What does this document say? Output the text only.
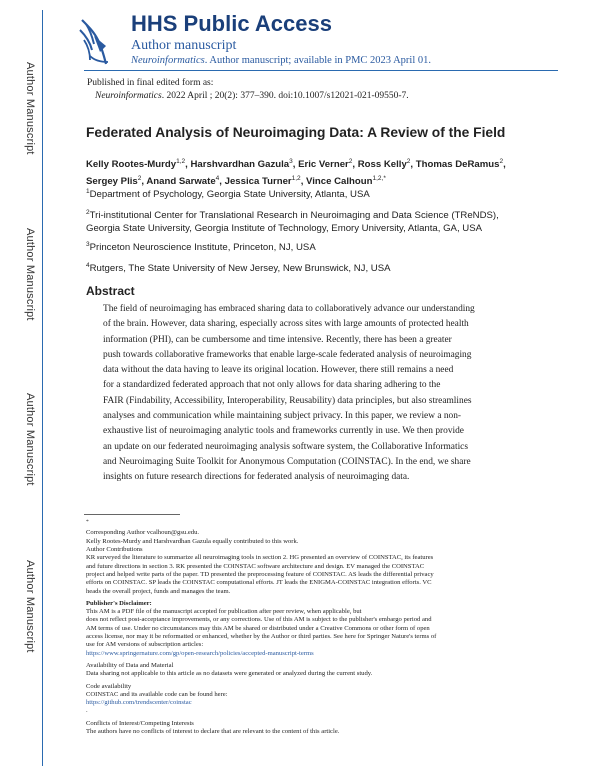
Author Manuscript
Author Manuscript
Author Manuscript
Author Manuscript
HHS Public Access
Author manuscript
Neuroinformatics. Author manuscript; available in PMC 2023 April 01.
Published in final edited form as:
Neuroinformatics. 2022 April ; 20(2): 377–390. doi:10.1007/s12021-021-09550-7.
Federated Analysis of Neuroimaging Data: A Review of the Field
Kelly Rootes-Murdy$^{1,2}$, Harshvardhan Gazula$^3$, Eric Verner$^2$, Ross Kelly$^2$, Thomas DeRamus$^2$, Sergey Plis$^2$, Anand Sarwate$^4$, Jessica Turner$^{1,2}$, Vince Calhoun$^{1,2,*}$
$^1$Department of Psychology, Georgia State University, Atlanta, USA
$^2$Tri-institutional Center for Translational Research in Neuroimaging and Data Science (TReNDS), Georgia State University, Georgia Institute of Technology, Emory University, Atlanta, GA, USA
$^3$Princeton Neuroscience Institute, Princeton, NJ, USA
$^4$Rutgers, The State University of New Jersey, New Brunswick, NJ, USA
Abstract
The field of neuroimaging has embraced sharing data to collaboratively advance our understanding
of the brain. However, data sharing, especially across sites with large amounts of protected health
information (PHI), can be cumbersome and time intensive. Recently, there has been a greater
push towards collaborative frameworks that enable large-scale federated analysis of neuroimaging
data without the data having to leave its original location. However, there still remains a need
for a standardized federated approach that not only allows for data sharing adhering to the
FAIR (Findability, Accessibility, Interoperability, Reusability) data principles, but also streamlines
analyses and communication while maintaining subject privacy. In this paper, we review a non-
exhaustive list of neuroimaging analytic tools and frameworks currently in use. We then provide
an update on our federated neuroimaging analysis software system, the Collaborative Informatics
and Neuroimaging Suite Toolkit for Anonymous Computation (COINSTAC). In the end, we share
insights on future research directions for federated analysis of neuroimaging data.
*
Corresponding Author vcalhoun@gsu.edu.
Kelly Rootes-Murdy and Harshvardhan Gazula equally contributed to this work.
Author Contributions
KR surveyed the literature to summarize all neuroimaging tools in section 2. HG presented an overview of COINSTAC, its features
and future directions in section 3. RK presented the COINSTAC software architecture and design. EV managed the COINSTAC
project and helped write parts of the paper. TD presented the preprocessing feature of COINSTAC. AS leads the differential privacy
efforts on COINSTAC. SP leads the COINSTAC computational efforts. JT leads the ENIGMA-COINSTAC integration efforts. VC
heads the overall project, funds and manages the team.
Publisher's Disclaimer:
This AM is a PDF file of the manuscript accepted for publication after peer review, when applicable, but
does not reflect post-acceptance improvements, or any corrections. Use of this AM is subject to the publisher's embargo period and
AM terms of use. Under no circumstances may this AM be shared or distributed under a Creative Commons or other form of open
access license, nor may it be reformatted or enhanced, whether by the Author or third parties. See here for Springer Nature's terms of
use for AM versions of subscription articles:
https://www.springernature.com/gp/open-research/policies/accepted-manuscript-terms
Availability of Data and Material
Data sharing not applicable to this article as no datasets were generated or analyzed during the current study.
Code availability
COINSTAC and its available code can be found here:
https://github.com/trendscenter/coinstac
.
Conflicts of Interest/Competing Interests
The authors have no conflicts of interest to declare that are relevant to the content of this article.
